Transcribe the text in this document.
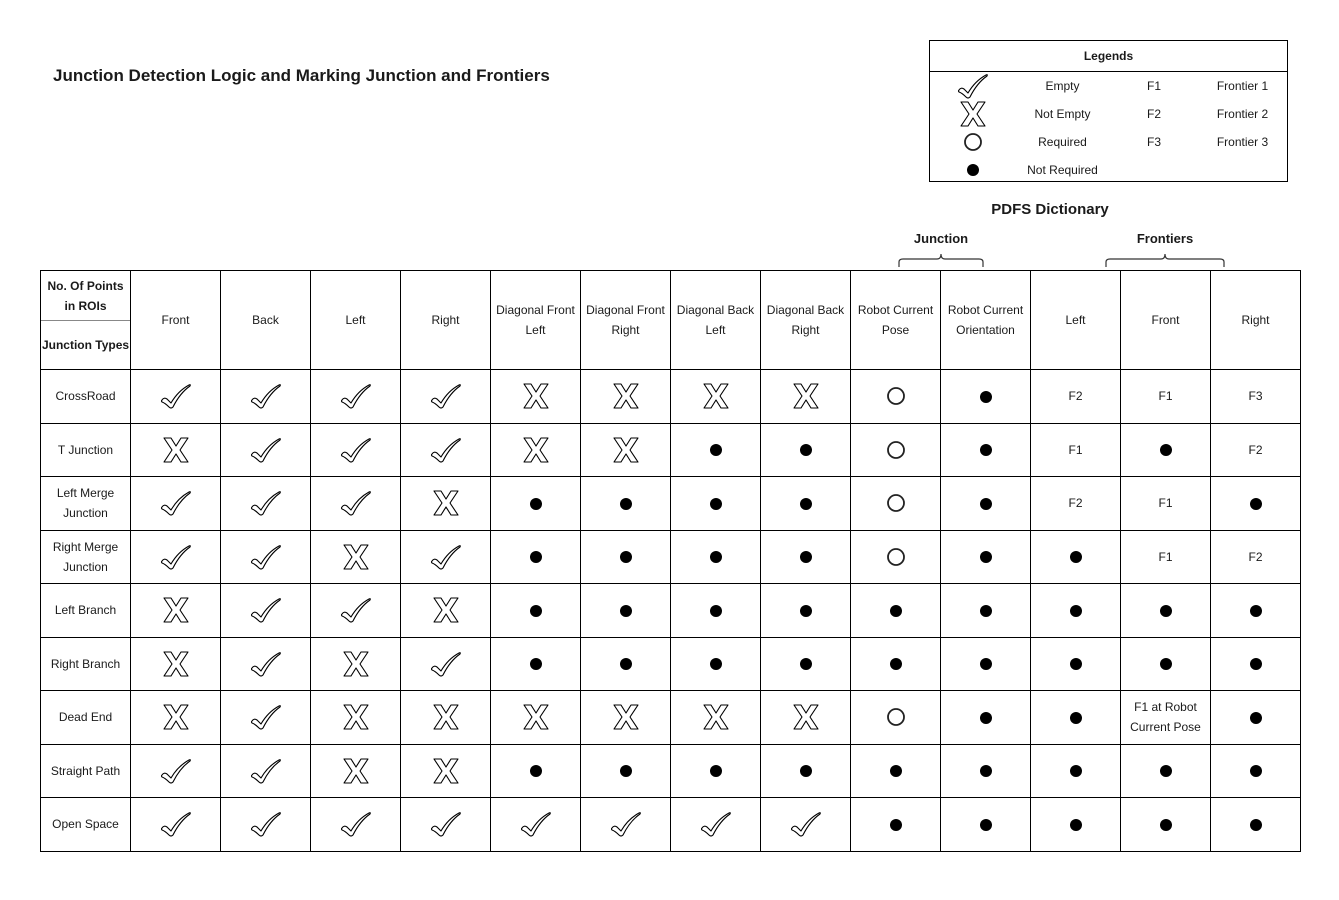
Junction Detection Logic and Marking Junction and Frontiers
Legends
Empty	F1	Frontier 1
Not Empty	F2	Frontier 2
Required	F3	Frontier 3
Not Required
PDFS Dictionary
Junction	Frontiers
No. Of Points in ROIs
Junction Types	Front	Back	Left	Right	Diagonal Front Left	Diagonal Front Right	Diagonal Back Left	Diagonal Back Right	Robot Current Pose	Robot Current Orientation	Left	Front	Right
CrossRoad											F2	F1	F3
T Junction											F1		F2
Left Merge Junction											F2	F1	
Right Merge Junction												F1	F2
Left Branch													
Right Branch													
Dead End												F1 at Robot Current Pose	
Straight Path													
Open Space													
